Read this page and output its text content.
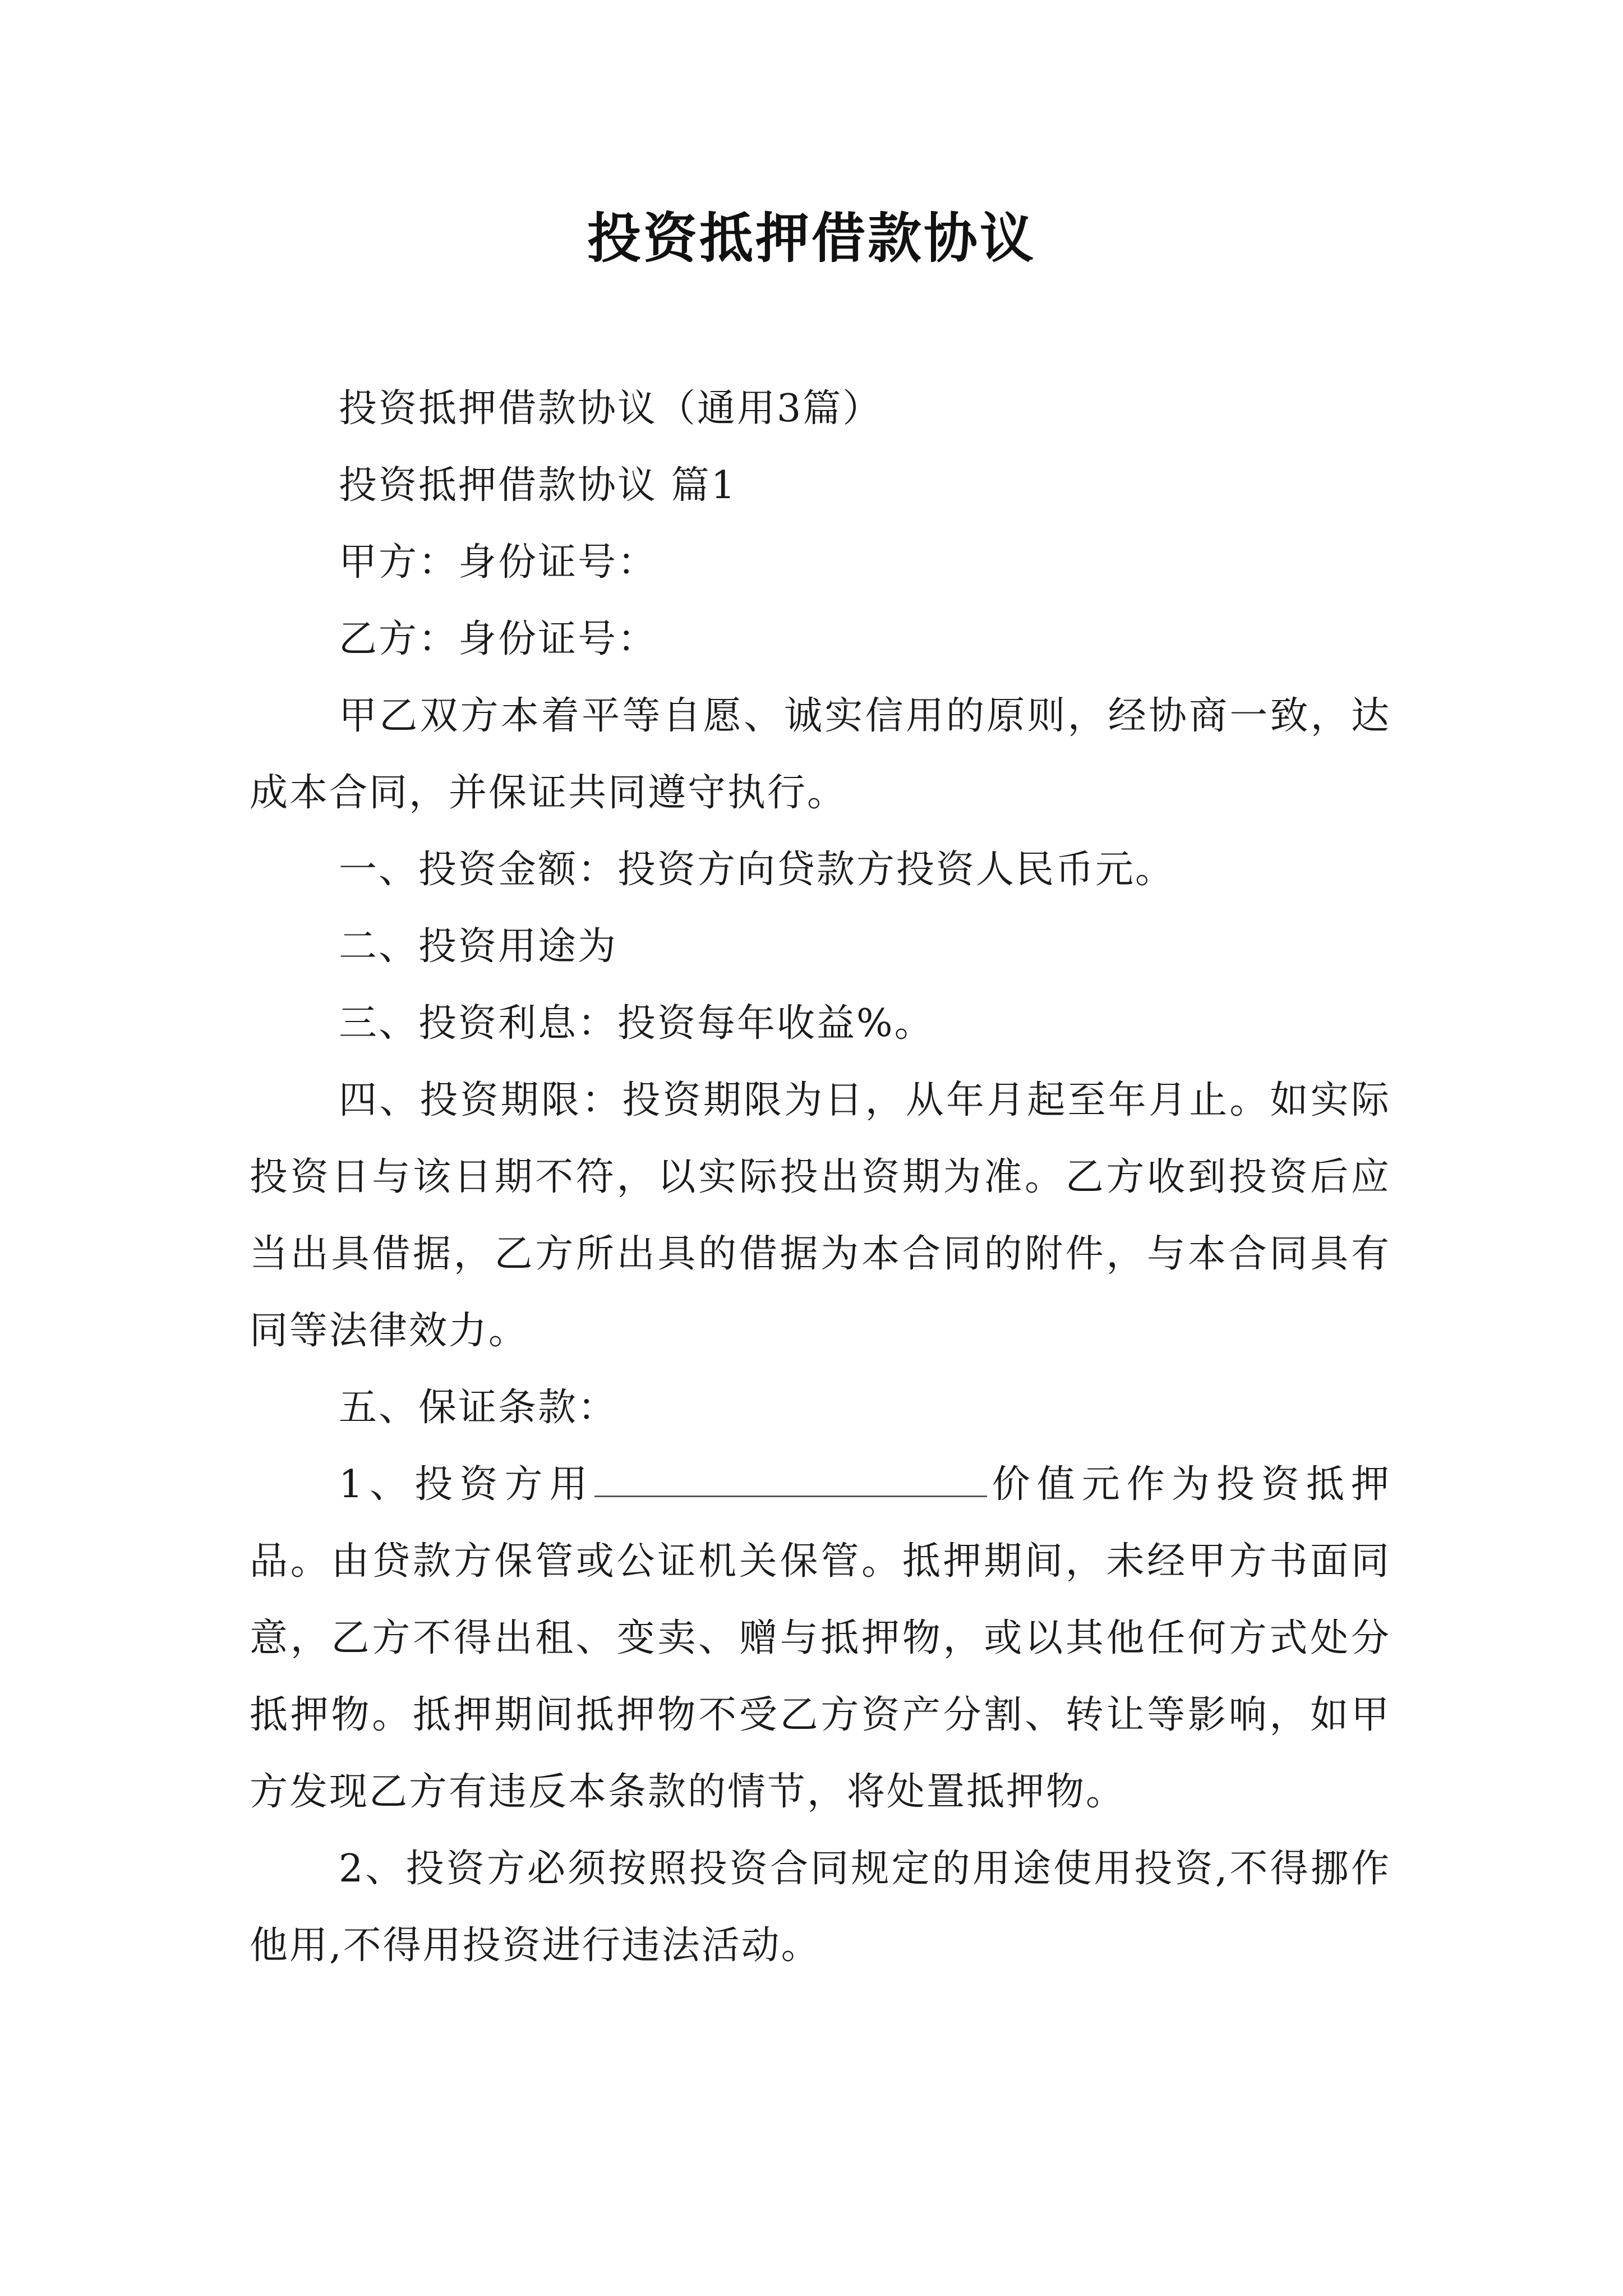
投资抵押借款协议

投资抵押借款协议（通用3篇）

投资抵押借款协议 篇1

甲方：身份证号：

乙方：身份证号：

甲乙双方本着平等自愿、诚实信用的原则，经协商一致，达成本合同，并保证共同遵守执行。

一、投资金额：投资方向贷款方投资人民币元。

二、投资用途为

三、投资利息：投资每年收益%。

四、投资期限：投资期限为日，从年月起至年月止。如实际投资日与该日期不符，以实际投出资期为准。乙方收到投资后应当出具借据，乙方所出具的借据为本合同的附件，与本合同具有同等法律效力。

五、保证条款：

1、投资方用	价值元作为投资抵押品。由贷款方保管或公证机关保管。抵押期间，未经甲方书面同意，乙方不得出租、变卖、赠与抵押物，或以其他任何方式处分抵押物。抵押期间抵押物不受乙方资产分割、转让等影响，如甲方发现乙方有违反本条款的情节，将处置抵押物。

2、投资方必须按照投资合同规定的用途使用投资,不得挪作他用,不得用投资进行违法活动。
